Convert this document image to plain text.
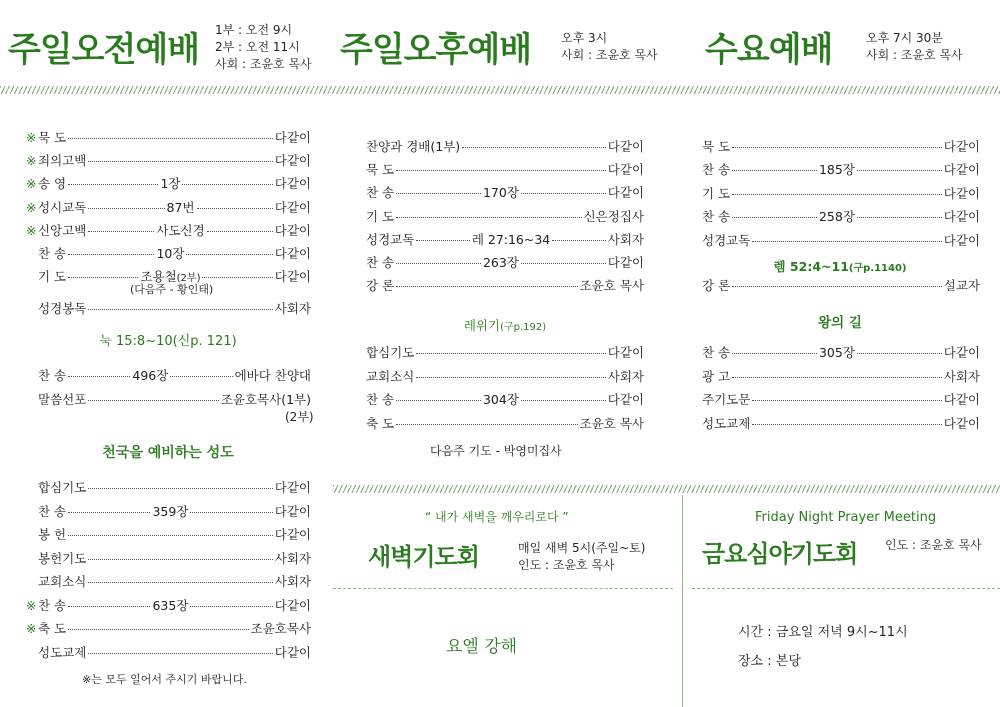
주일오전예배 1부 : 오전 9시
2부 : 오전 11시
사회 : 조윤호 목사 주일오후예배 오후 3시
사회 : 조윤호 목사 수요예배	오후 7시 30분
사회 : 조윤호 목사
※ 묵 도	다같이
※ 죄의고백	다같이
※ 송 영	1장	다같이
※ 성시교독	87번	다같이
※ 신앙고백	사도신경	다같이
찬 송	10장	다같이
기 도	조용철 (2부)	다같이
성경봉독	사회자
찬 송	496장	에바다 찬양대
말씀선포	조윤호목사(1부)
합심기도	다같이
찬 송	359장	다같이
봉 헌	다같이
봉헌기도	사회자
교회소식	사회자
※ 찬 송	635장	다같이
※ 축 도	조윤호목사
성도교제	다같이
(다음주 - 황인태)
눅 15:8~10(신p. 121)
(2부)
천국을 예비하는 성도
※는 모두 일어서 주시기 바랍니다.
찬양과 경배(1부)	다같이
묵 도	다같이
찬 송	170장	다같이
기 도	신은정집사
성경교독	레 27:16~34	사회자
찬 송	263장	다같이
강 론	조윤호 목사
합심기도	다같이
교회소식	사회자
찬 송	304장	다같이
축 도	조윤호 목사
레위기(구p.192)
다음주 기도 - 박영미집사
묵 도	다같이
찬 송	185장	다같이
기 도	다같이
찬 송	258장	다같이
성경교독	다같이
강 론	설교자
찬 송	305장	다같이
광 고	사회자
주기도문	다같이
성도교제	다같이
렘 52:4~11(구p.1140)
왕의 길
“ 내가 새벽을 깨우리로다 ”
새벽기도회	매일 새벽 5시(주일~토)
인도 : 조윤호 목사
요엘 강해
Friday Night Prayer Meeting
금요심야기도회 인도 : 조윤호 목사
시간 : 금요일 저녁 9시~11시
장소 : 본당
